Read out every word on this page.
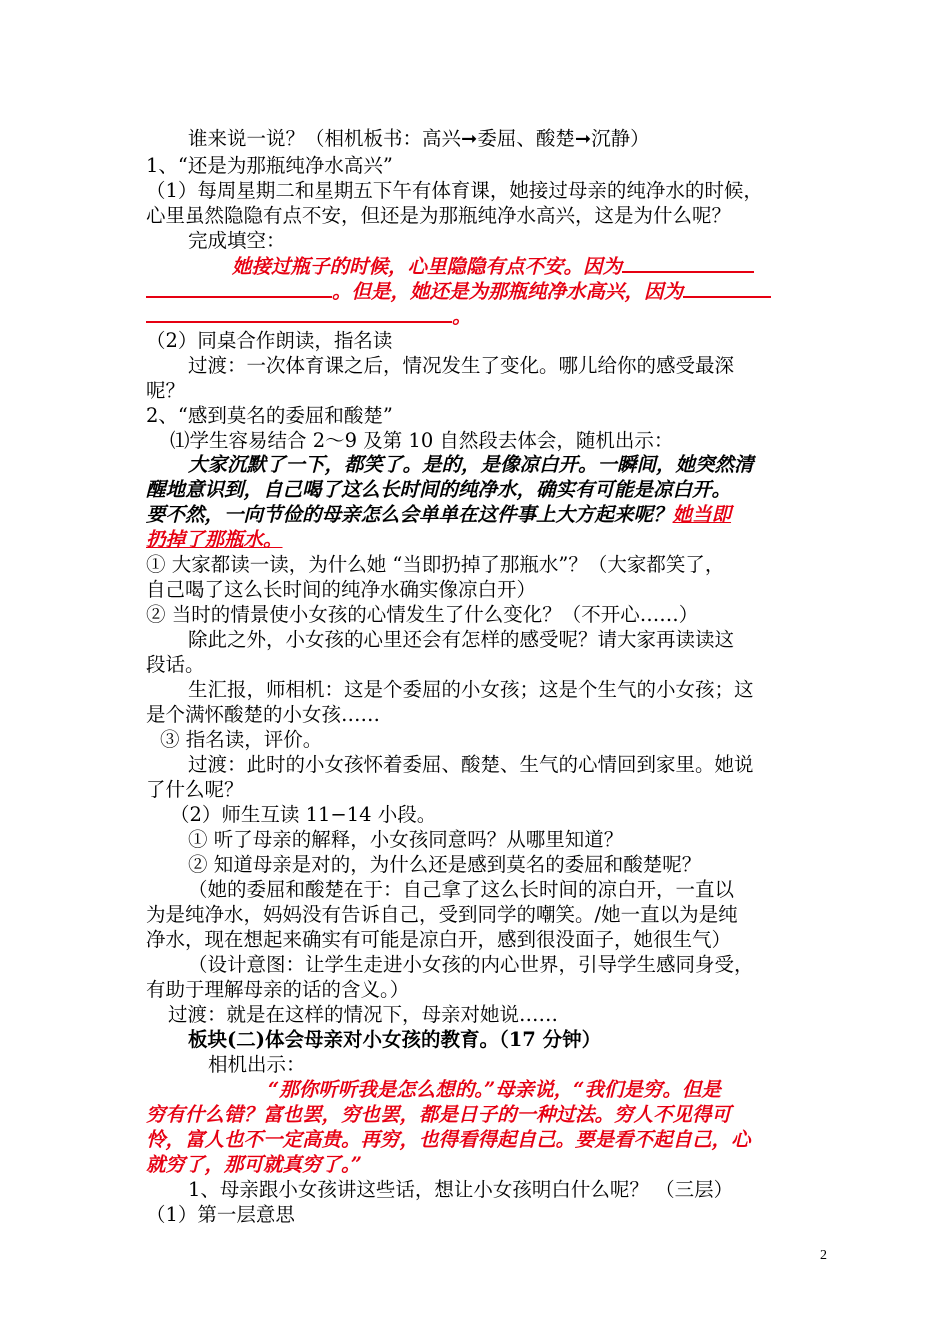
谁来说一说？（相机板书：高兴➞委屈、酸楚➞沉静）
1、“还是为那瓶纯净水高兴”
（1）每周星期二和星期五下午有体育课，她接过母亲的纯净水的时候，
心里虽然隐隐有点不安，但还是为那瓶纯净水高兴，这是为什么呢？
完成填空：
她接过瓶子的时候，心里隐隐有点不安。因为
。但是，她还是为那瓶纯净水高兴，因为
。
（2）同桌合作朗读，指名读
过渡：一次体育课之后，情况发生了变化。哪儿给你的感受最深
呢？
2、“感到莫名的委屈和酸楚”
⑴学生容易结合 2〜9 及第 10 自然段去体会，随机出示：
大家沉默了一下，都笑了。是的，是像凉白开。一瞬间，她突然清
醒地意识到，自己喝了这么长时间的纯净水，确实有可能是凉白开。
要不然，一向节俭的母亲怎么会单单在这件事上大方起来呢？她当即
扔掉了那瓶水。
① 大家都读一读，为什么她 “当即扔掉了那瓶水”？（大家都笑了，
自己喝了这么长时间的纯净水确实像凉白开）
② 当时的情景使小女孩的心情发生了什么变化？（不开心……）
除此之外，小女孩的心里还会有怎样的感受呢？请大家再读读这
段话。
生汇报，师相机：这是个委屈的小女孩；这是个生气的小女孩；这
是个满怀酸楚的小女孩……
③ 指名读，评价。
过渡：此时的小女孩怀着委屈、酸楚、生气的心情回到家里。她说
了什么呢？
（2）师生互读 11−14 小段。
① 听了母亲的解释，小女孩同意吗？从哪里知道？
② 知道母亲是对的，为什么还是感到莫名的委屈和酸楚呢？
（她的委屈和酸楚在于：自己拿了这么长时间的凉白开，一直以
为是纯净水，妈妈没有告诉自己，受到同学的嘲笑。/她一直以为是纯
净水，现在想起来确实有可能是凉白开，感到很没面子，她很生气）
（设计意图：让学生走进小女孩的内心世界，引导学生感同身受，
有助于理解母亲的话的含义。）
过渡：就是在这样的情况下，母亲对她说……
板块(二)体会母亲对小女孩的教育。（17 分钟）
相机出示：
“那你听听我是怎么想的。”母亲说，“我们是穷。但是
穷有什么错？富也罢，穷也罢，都是日子的一种过法。穷人不见得可
怜，富人也不一定高贵。再穷，也得看得起自己。要是看不起自己，心
就穷了，那可就真穷了。”
1、母亲跟小女孩讲这些话，想让小女孩明白什么呢？ （三层）
（1）第一层意思
2
